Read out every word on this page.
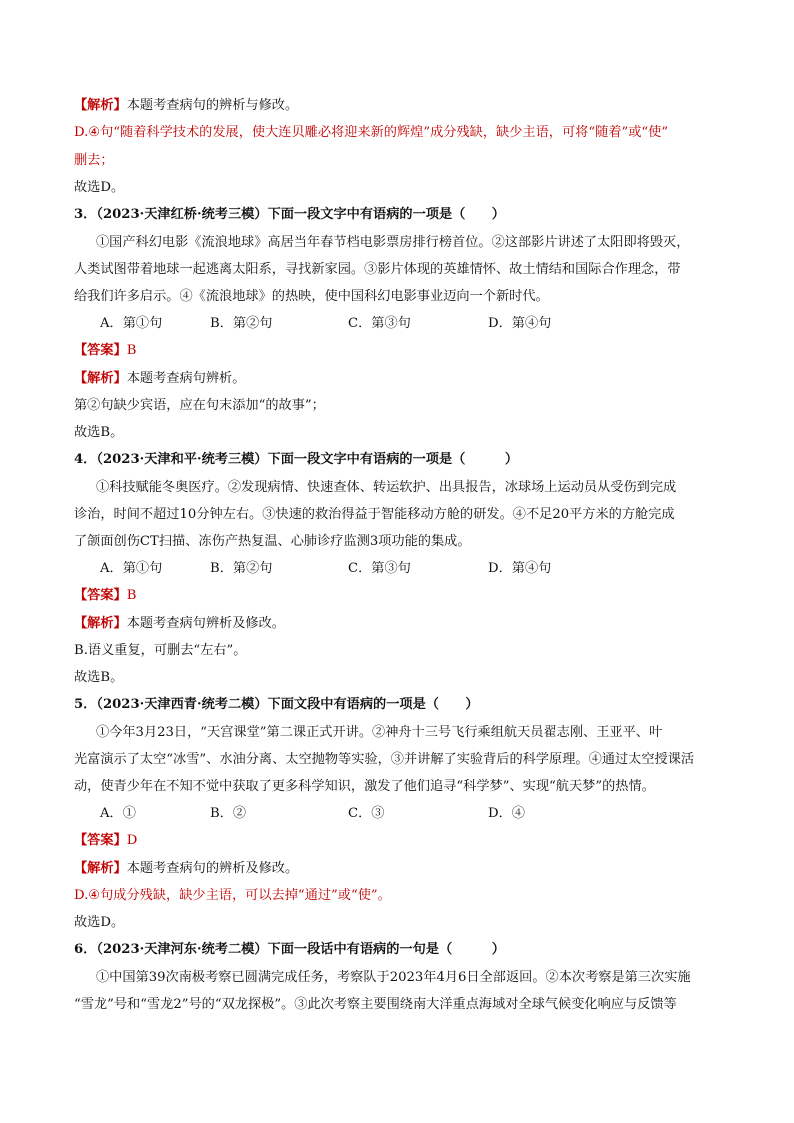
【解析】本题考查病句的辨析与修改。
D.④句“随着科学技术的发展，使大连贝雕必将迎来新的辉煌”成分残缺，缺少主语，可将“随着”或“使”
删去；
故选D。
3．（2023·天津红桥·统考三模）下面一段文字中有语病的一项是（　　）
①国产科幻电影《流浪地球》高居当年春节档电影票房排行榜首位。②这部影片讲述了太阳即将毁灭，
人类试图带着地球一起逃离太阳系，寻找新家园。③影片体现的英雄情怀、故土情结和国际合作理念，带
给我们许多启示。④《流浪地球》的热映，使中国科幻电影事业迈向一个新时代。
A．第①句	B．第②句	C．第③句	D．第④句
【答案】B
【解析】本题考查病句辨析。
第②句缺少宾语，应在句末添加“的故事”；
故选B。
4．（2023·天津和平·统考三模）下面一段文字中有语病的一项是（　　　）
①科技赋能冬奥医疗。②发现病情、快速查体、转运软护、出具报告，冰球场上运动员从受伤到完成
诊治，时间不超过10分钟左右。③快速的救治得益于智能移动方舱的研发。④不足20平方米的方舱完成
了颌面创伤CT扫描、冻伤产热复温、心肺诊疗监测3项功能的集成。
A．第①句	B．第②句	C．第③句	D．第④句
【答案】B
【解析】本题考查病句辨析及修改。
B.语义重复，可删去“左右”。
故选B。
5．（2023·天津西青·统考二模）下面文段中有语病的一项是（　　）
①今年3月23日，“天宫课堂”第二课正式开讲。②神舟十三号飞行乘组航天员翟志刚、王亚平、叶
光富演示了太空“冰雪”、水油分离、太空抛物等实验，③并讲解了实验背后的科学原理。④通过太空授课活
动，使青少年在不知不觉中获取了更多科学知识，激发了他们追寻“科学梦”、实现“航天梦”的热情。
A．①	B．②	C．③	D．④
【答案】D
【解析】本题考查病句的辨析及修改。
D.④句成分残缺，缺少主语，可以去掉“通过”或“使”。
故选D。
6．（2023·天津河东·统考二模）下面一段话中有语病的一句是（　　　）
①中国第39次南极考察已圆满完成任务，考察队于2023年4月6日全部返回。②本次考察是第三次实施
“雪龙”号和“雪龙2”号的“双龙探极”。③此次考察主要围绕南大洋重点海域对全球气候变化响应与反馈等
